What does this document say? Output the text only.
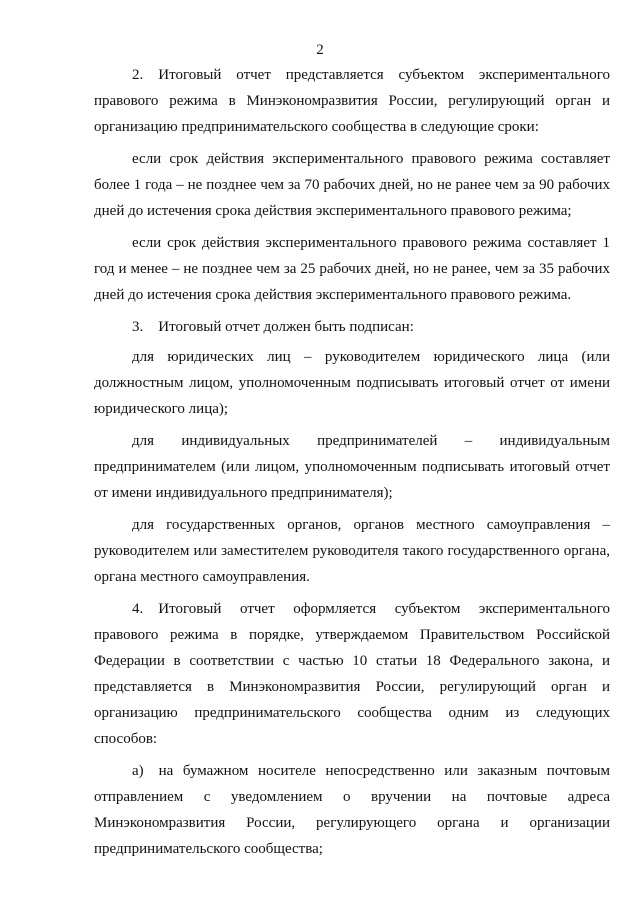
2

2. Итоговый отчет представляется субъектом экспериментального правового режима в Минэкономразвития России, регулирующий орган и организацию предпринимательского сообщества в следующие сроки:

если срок действия экспериментального правового режима составляет более 1 года – не позднее чем за 70 рабочих дней, но не ранее чем за 90 рабочих дней до истечения срока действия экспериментального правового режима;

если срок действия экспериментального правового режима составляет 1 год и менее – не позднее чем за 25 рабочих дней, но не ранее, чем за 35 рабочих дней до истечения срока действия экспериментального правового режима.

3. Итоговый отчет должен быть подписан:

для юридических лиц – руководителем юридического лица (или должностным лицом, уполномоченным подписывать итоговый отчет от имени юридического лица);

для индивидуальных предпринимателей – индивидуальным предпринимателем (или лицом, уполномоченным подписывать итоговый отчет от имени индивидуального предпринимателя);

для государственных органов, органов местного самоуправления – руководителем или заместителем руководителя такого государственного органа, органа местного самоуправления.

4. Итоговый отчет оформляется субъектом экспериментального правового режима в порядке, утверждаемом Правительством Российской Федерации в соответствии с частью 10 статьи 18 Федерального закона, и представляется в Минэкономразвития России, регулирующий орган и организацию предпринимательского сообщества одним из следующих способов:

а) на бумажном носителе непосредственно или заказным почтовым отправлением с уведомлением о вручении на почтовые адреса Минэкономразвития России, регулирующего органа и организации предпринимательского сообщества;
